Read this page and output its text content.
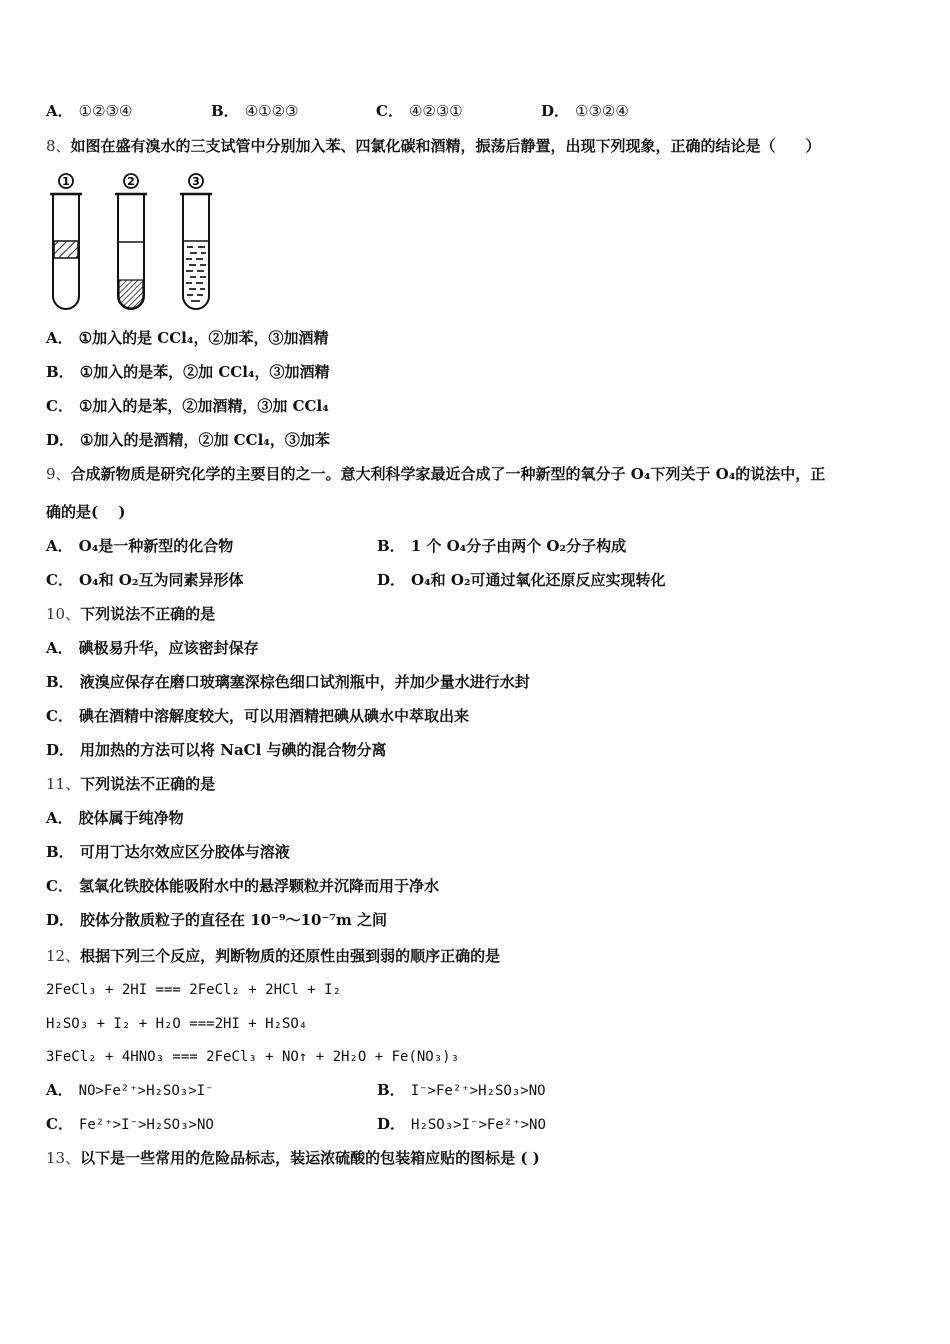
A． ①②③④	B． ④①②③	C． ④②③①	D． ①③②④
8、如图在盛有溴水的三支试管中分别加入苯、四氯化碳和酒精，振荡后静置，出现下列现象，正确的结论是（　　）
1	2	3
A． ①加入的是 CCl₄，②加苯，③加酒精
B． ①加入的是苯，②加 CCl₄，③加酒精
C． ①加入的是苯，②加酒精，③加 CCl₄
D． ①加入的是酒精，②加 CCl₄，③加苯
9、合成新物质是研究化学的主要目的之一。意大利科学家最近合成了一种新型的氧分子 O₄下列关于 O₄的说法中，正
确的是(　 )
A． O₄是一种新型的化合物	B． 1 个 O₄分子由两个 O₂分子构成
C． O₄和 O₂互为同素异形体	D． O₄和 O₂可通过氧化还原反应实现转化
10、下列说法不正确的是
A． 碘极易升华，应该密封保存
B． 液溴应保存在磨口玻璃塞深棕色细口试剂瓶中，并加少量水进行水封
C． 碘在酒精中溶解度较大，可以用酒精把碘从碘水中萃取出来
D． 用加热的方法可以将 NaCl 与碘的混合物分离
11、下列说法不正确的是
A． 胶体属于纯净物
B． 可用丁达尔效应区分胶体与溶液
C． 氢氧化铁胶体能吸附水中的悬浮颗粒并沉降而用于净水
D． 胶体分散质粒子的直径在 10⁻⁹～10⁻⁷m 之间
12、根据下列三个反应，判断物质的还原性由强到弱的顺序正确的是
2FeCl₃ + 2HI === 2FeCl₂ + 2HCl + I₂
H₂SO₃ + I₂ + H₂O ===2HI + H₂SO₄
3FeCl₂ + 4HNO₃ === 2FeCl₃ + NO↑ + 2H₂O + Fe(NO₃)₃
A． NO>Fe²⁺>H₂SO₃>I⁻	B． I⁻>Fe²⁺>H₂SO₃>NO
C． Fe²⁺>I⁻>H₂SO₃>NO	D． H₂SO₃>I⁻>Fe²⁺>NO
13、以下是一些常用的危险品标志，装运浓硫酸的包装箱应贴的图标是 ( )
